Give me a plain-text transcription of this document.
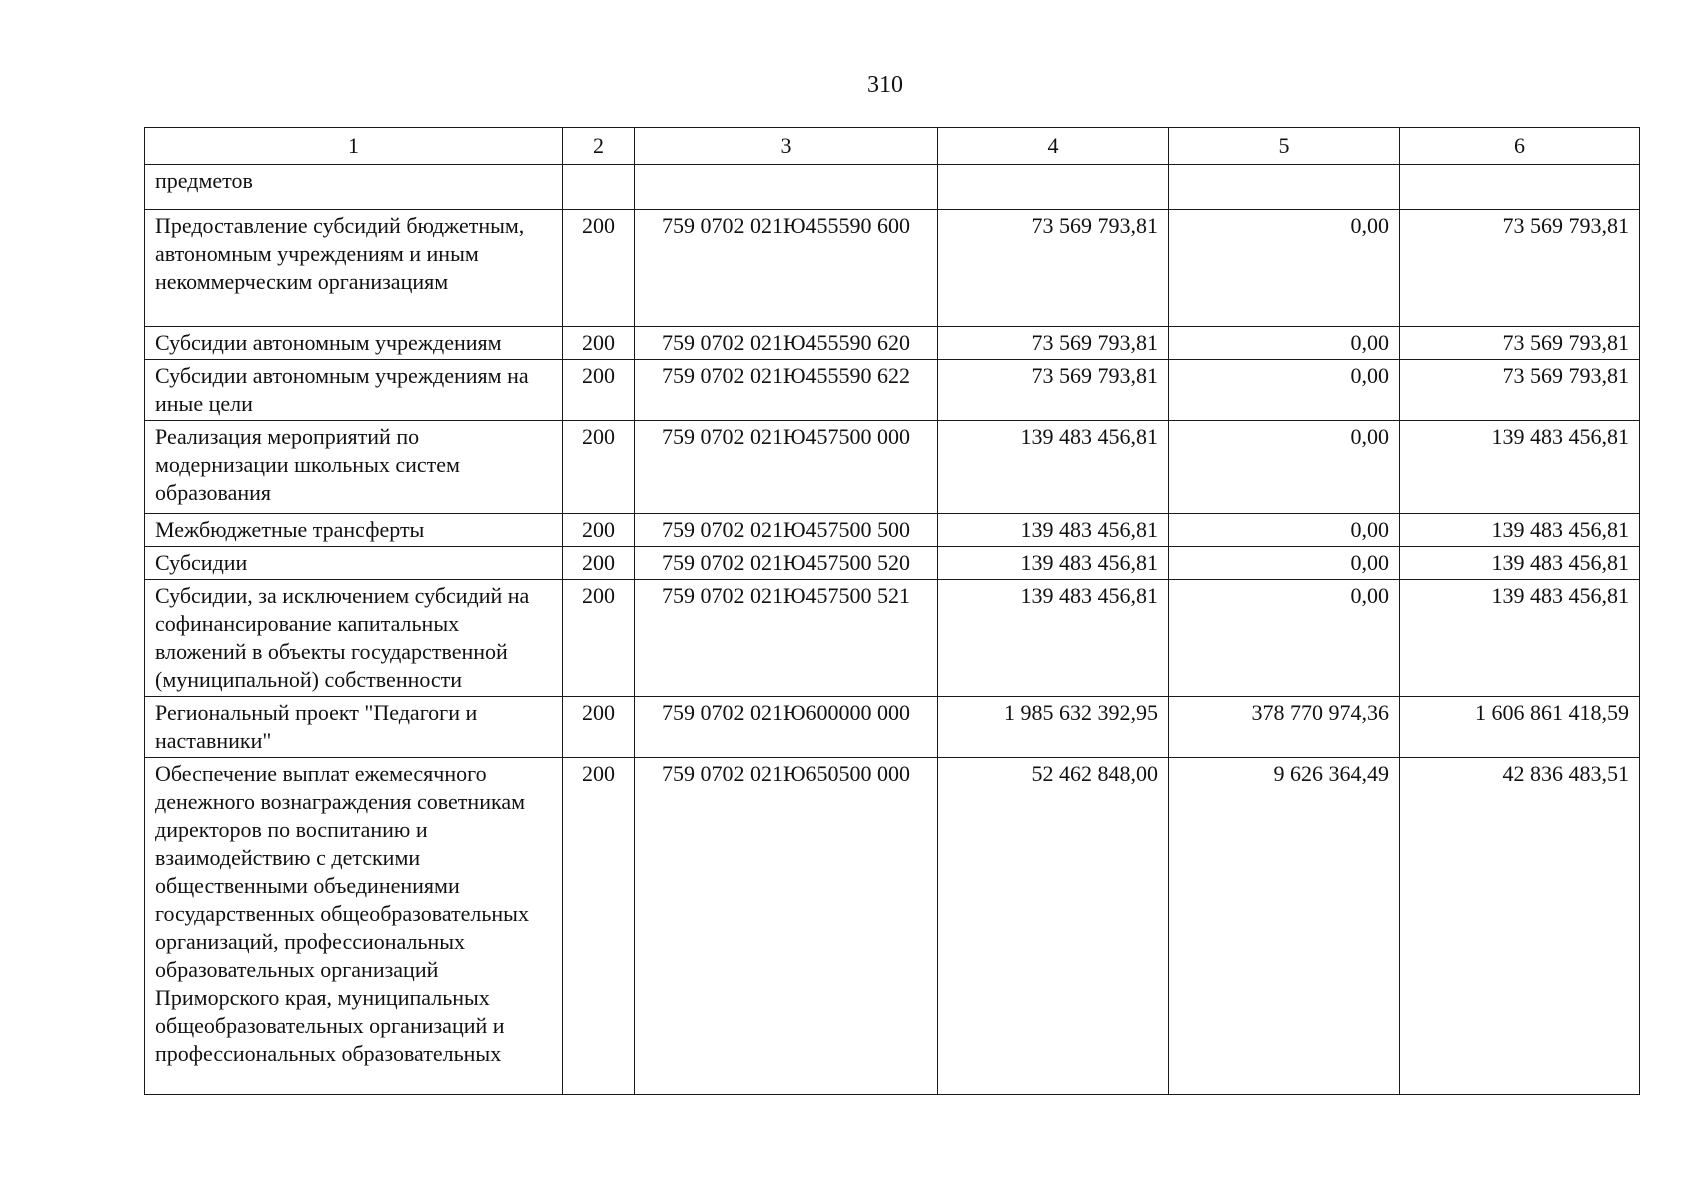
310
1	2	3	4	5	6
предметов					
Предоставление субсидий бюджетным, автономным учреждениям и иным некоммерческим организациям	200	759 0702 021Ю455590 600	73 569 793,81	0,00	73 569 793,81
Субсидии автономным учреждениям	200	759 0702 021Ю455590 620	73 569 793,81	0,00	73 569 793,81
Субсидии автономным учреждениям на иные цели	200	759 0702 021Ю455590 622	73 569 793,81	0,00	73 569 793,81
Реализация мероприятий по модернизации школьных систем образования	200	759 0702 021Ю457500 000	139 483 456,81	0,00	139 483 456,81
Межбюджетные трансферты	200	759 0702 021Ю457500 500	139 483 456,81	0,00	139 483 456,81
Субсидии	200	759 0702 021Ю457500 520	139 483 456,81	0,00	139 483 456,81
Субсидии, за исключением субсидий на софинансирование капитальных вложений в объекты государственной (муниципальной) собственности	200	759 0702 021Ю457500 521	139 483 456,81	0,00	139 483 456,81
Региональный проект "Педагоги и наставники"	200	759 0702 021Ю600000 000	1 985 632 392,95	378 770 974,36	1 606 861 418,59
Обеспечение выплат ежемесячного денежного вознаграждения советникам директоров по воспитанию и взаимодействию с детскими общественными объединениями государственных общеобразовательных организаций, профессиональных образовательных организаций Приморского края, муниципальных общеобразовательных организаций и профессиональных образовательных	200	759 0702 021Ю650500 000	52 462 848,00	9 626 364,49	42 836 483,51
